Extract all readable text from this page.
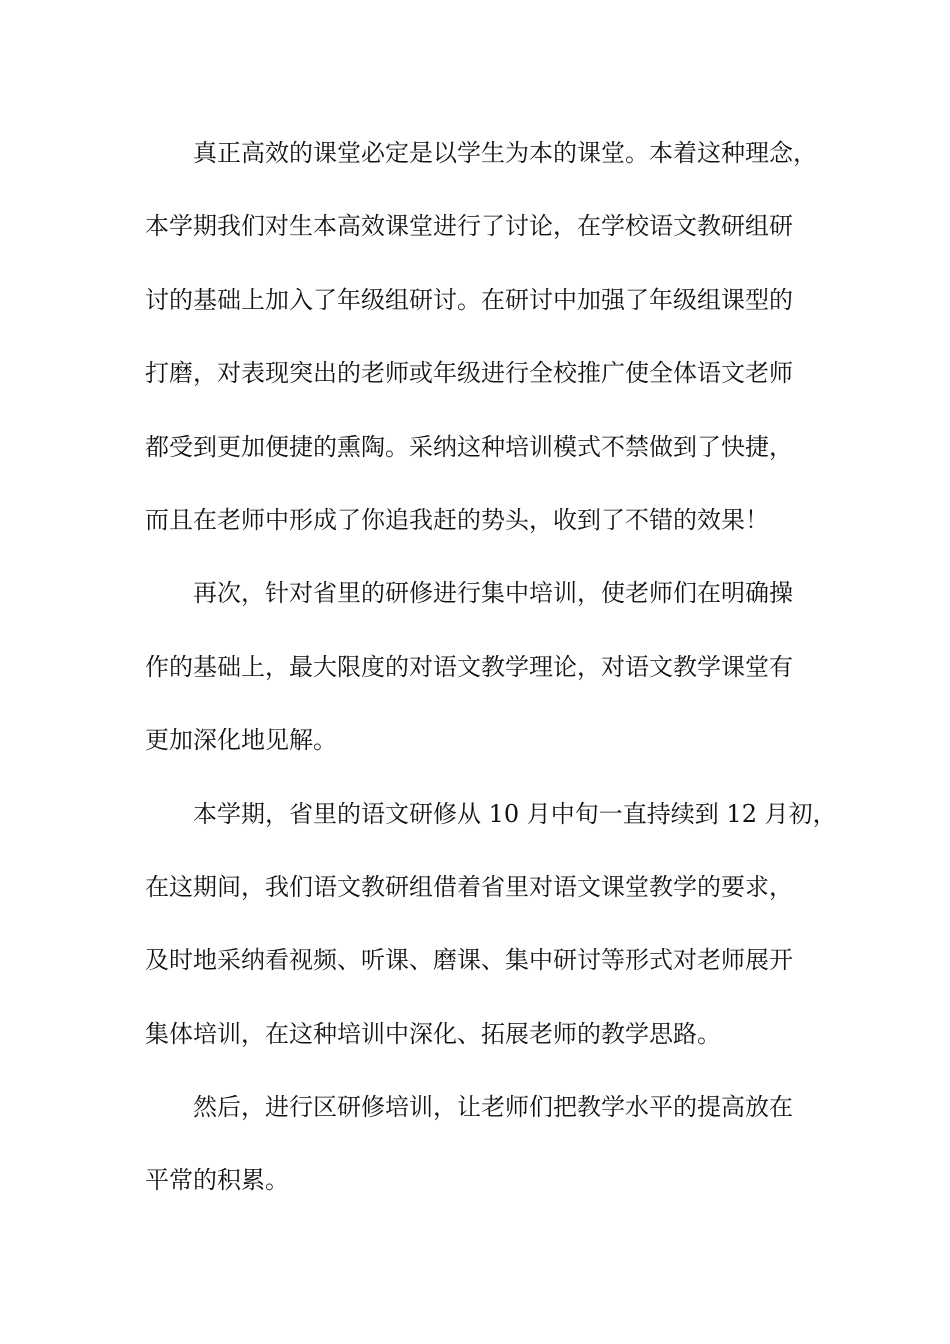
真正高效的课堂必定是以学生为本的课堂。本着这种理念，
本学期我们对生本高效课堂进行了讨论，在学校语文教研组研
讨的基础上加入了年级组研讨。在研讨中加强了年级组课型的
打磨，对表现突出的老师或年级进行全校推广使全体语文老师
都受到更加便捷的熏陶。采纳这种培训模式不禁做到了快捷，
而且在老师中形成了你追我赶的势头，收到了不错的效果！
再次，针对省里的研修进行集中培训，使老师们在明确操
作的基础上，最大限度的对语文教学理论，对语文教学课堂有
更加深化地见解。
本学期，省里的语文研修从 10 月中旬一直持续到 12 月初，
在这期间，我们语文教研组借着省里对语文课堂教学的要求，
及时地采纳看视频、听课、磨课、集中研讨等形式对老师展开
集体培训，在这种培训中深化、拓展老师的教学思路。
然后，进行区研修培训，让老师们把教学水平的提高放在
平常的积累。
